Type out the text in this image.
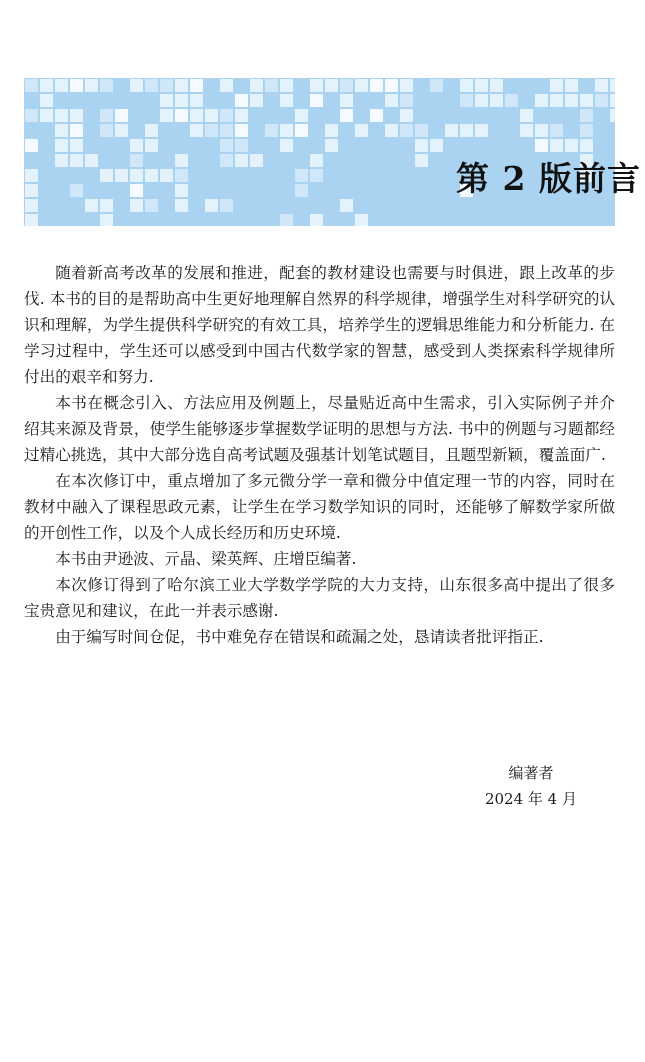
第 2 版前言

随着新高考改革的发展和推进，配套的教材建设也需要与时俱进，跟上改革的步伐. 本书的目的是帮助高中生更好地理解自然界的科学规律，增强学生对科学研究的认识和理解，为学生提供科学研究的有效工具，培养学生的逻辑思维能力和分析能力. 在学习过程中，学生还可以感受到中国古代数学家的智慧，感受到人类探索科学规律所付出的艰辛和努力.

本书在概念引入、方法应用及例题上，尽量贴近高中生需求，引入实际例子并介绍其来源及背景，使学生能够逐步掌握数学证明的思想与方法. 书中的例题与习题都经过精心挑选，其中大部分选自高考试题及强基计划笔试题目，且题型新颖，覆盖面广.

在本次修订中，重点增加了多元微分学一章和微分中值定理一节的内容，同时在教材中融入了课程思政元素，让学生在学习数学知识的同时，还能够了解数学家所做的开创性工作，以及个人成长经历和历史环境.

本书由尹逊波、亓晶、梁英辉、庄增臣编著.

本次修订得到了哈尔滨工业大学数学学院的大力支持，山东很多高中提出了很多宝贵意见和建议，在此一并表示感谢.

由于编写时间仓促，书中难免存在错误和疏漏之处，恳请读者批评指正.

编著者
2024 年 4 月
